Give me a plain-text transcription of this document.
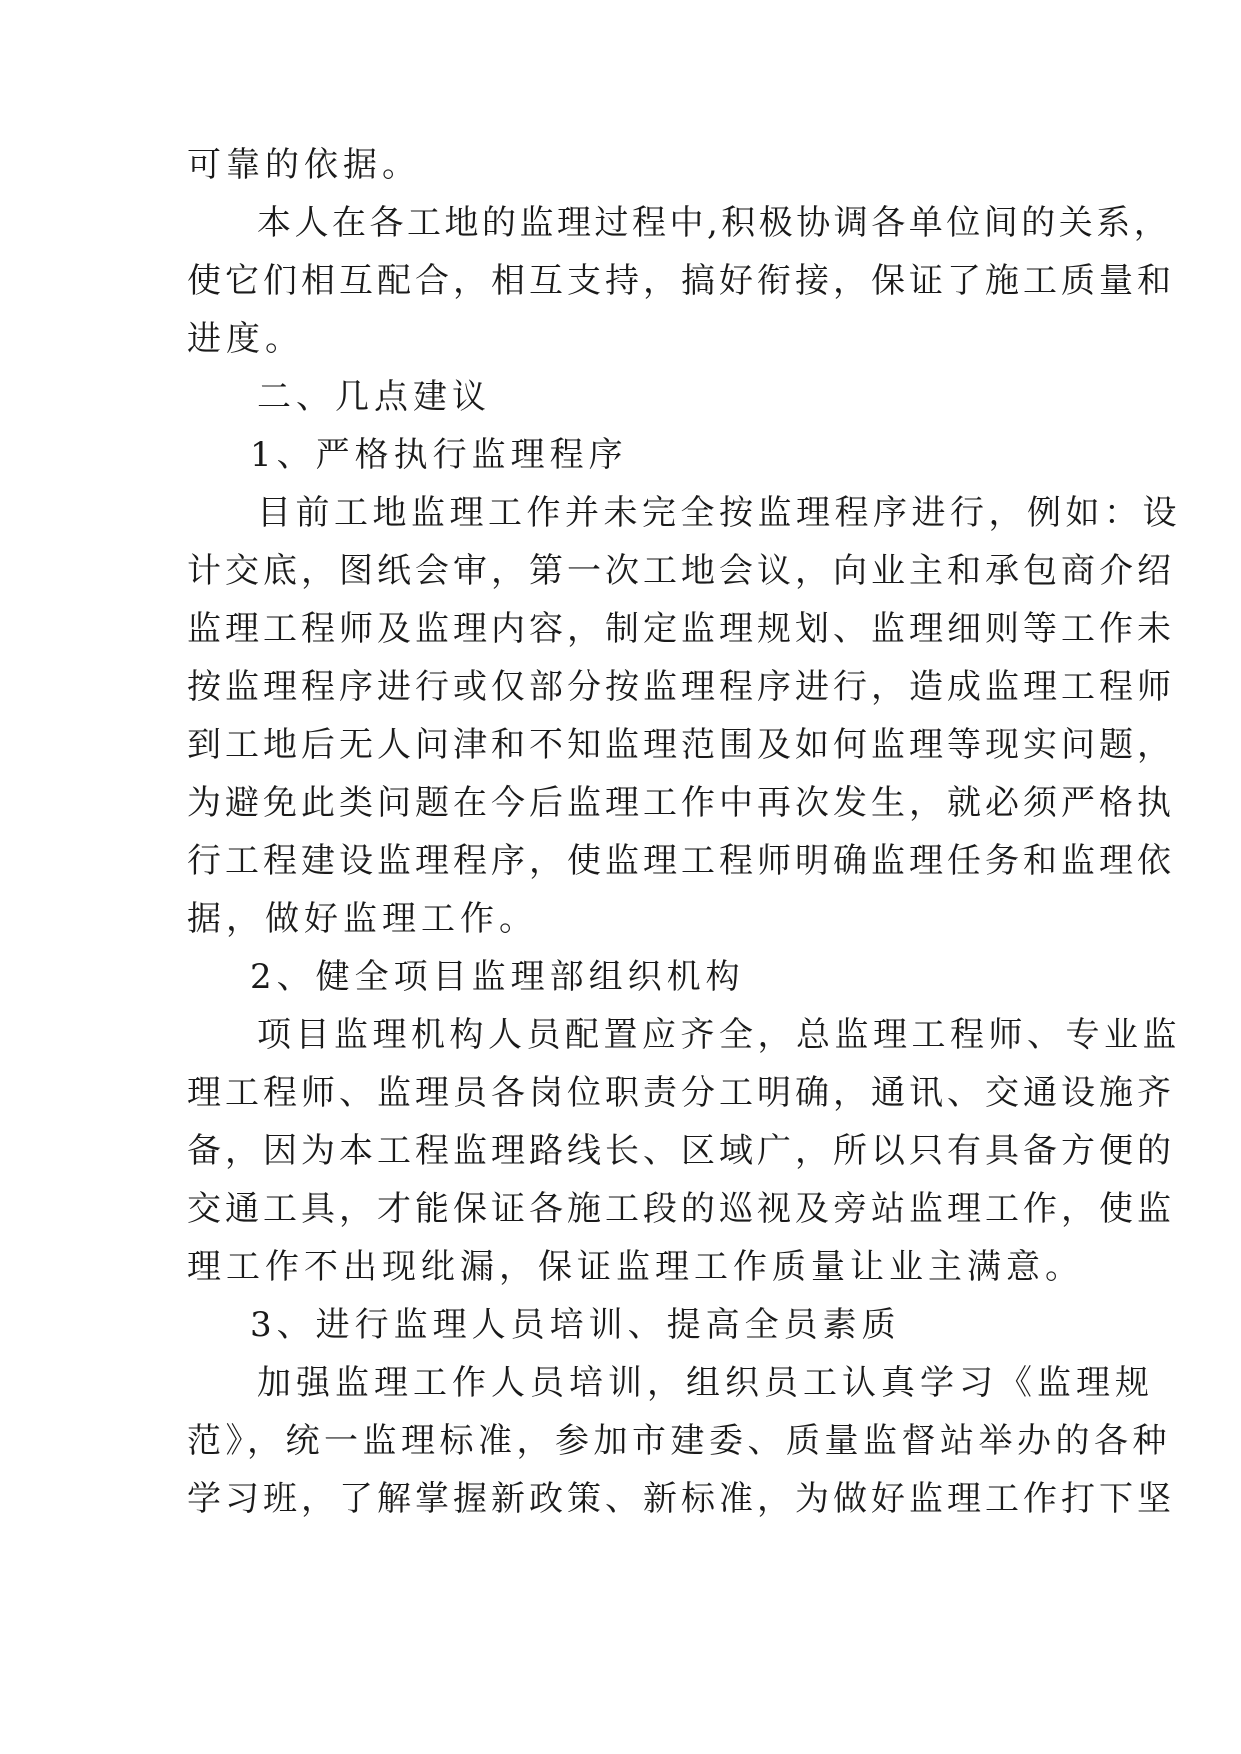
可靠的依据。
本人在各工地的监理过程中,积极协调各单位间的关系，
使它们相互配合，相互支持，搞好衔接，保证了施工质量和
进度。
二、几点建议
1、严格执行监理程序
目前工地监理工作并未完全按监理程序进行，例如：设
计交底，图纸会审，第一次工地会议，向业主和承包商介绍
监理工程师及监理内容，制定监理规划、监理细则等工作未
按监理程序进行或仅部分按监理程序进行，造成监理工程师
到工地后无人问津和不知监理范围及如何监理等现实问题，
为避免此类问题在今后监理工作中再次发生，就必须严格执
行工程建设监理程序，使监理工程师明确监理任务和监理依
据，做好监理工作。
2、健全项目监理部组织机构
项目监理机构人员配置应齐全，总监理工程师、专业监
理工程师、监理员各岗位职责分工明确，通讯、交通设施齐
备，因为本工程监理路线长、区域广，所以只有具备方便的
交通工具，才能保证各施工段的巡视及旁站监理工作，使监
理工作不出现纰漏，保证监理工作质量让业主满意。
3、进行监理人员培训、提高全员素质
加强监理工作人员培训，组织员工认真学习《监理规
范》，统一监理标准，参加市建委、质量监督站举办的各种
学习班，了解掌握新政策、新标准，为做好监理工作打下坚
